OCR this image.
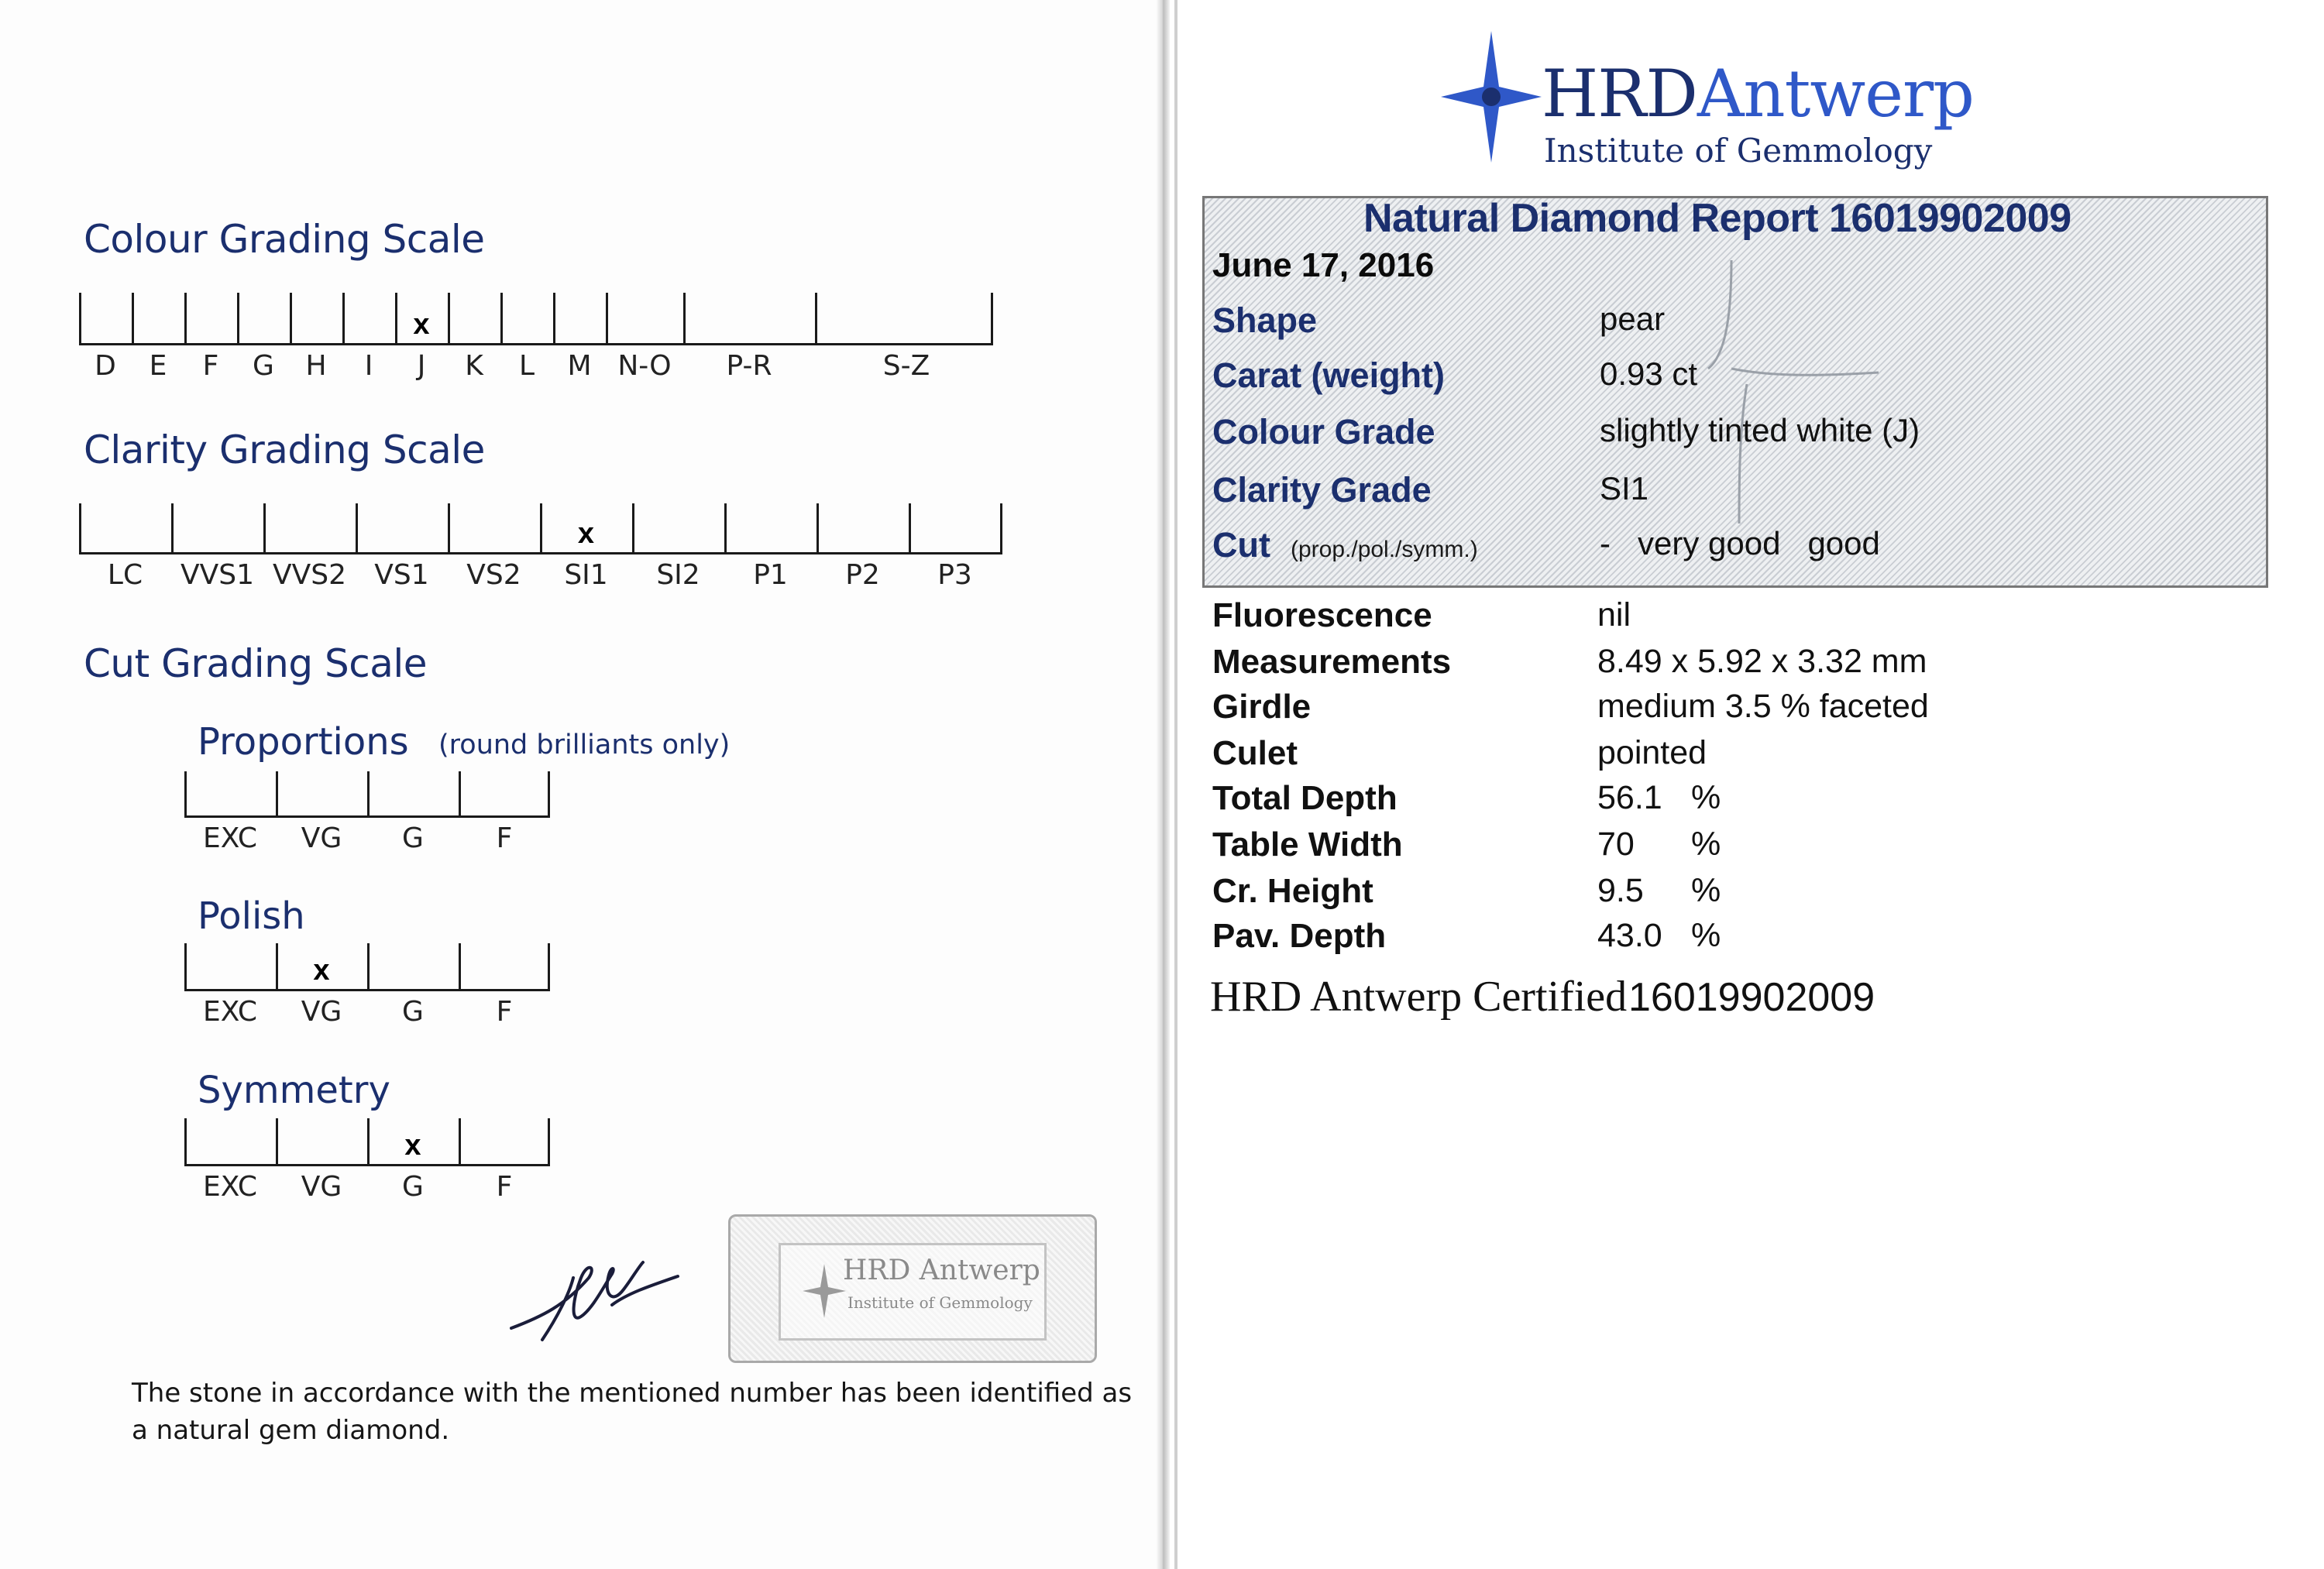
Colour Grading Scale
D E F G H I J
x
K L M N-O P-R	S-Z
Clarity Grading Scale
LC VVS1 VVS2 VS1 VS2 SI1
x
SI2 P1 P2 P3
Cut Grading Scale
Proportions (round brilliants only)
EXC VG G	F
Polish
EXC VG
x
G	F
Symmetry
EXC VG G
x
F
HRD Antwerp
Institute of Gemmology

The stone in accordance with the mentioned number has been identified as a natural gem diamond.

HRDAntwerp
Institute of Gemmology
Natural Diamond Report 16019902009
June 17, 2016
Shape	pear
Carat (weight)	0.93 ct
Colour Grade	slightly tinted white (J)
Clarity Grade	SI1
Cut (prop./pol./symm.)	-   very good   good
Fluorescence	nil
Measurements	8.49 x 5.92 x 3.32 mm
Girdle	medium 3.5 % faceted
Culet	pointed
Total Depth	56.1 %
Table Width	70 %
Cr. Height	9.5 %
Pav. Depth	43.0 %
HRD Antwerp Certified 16019902009
